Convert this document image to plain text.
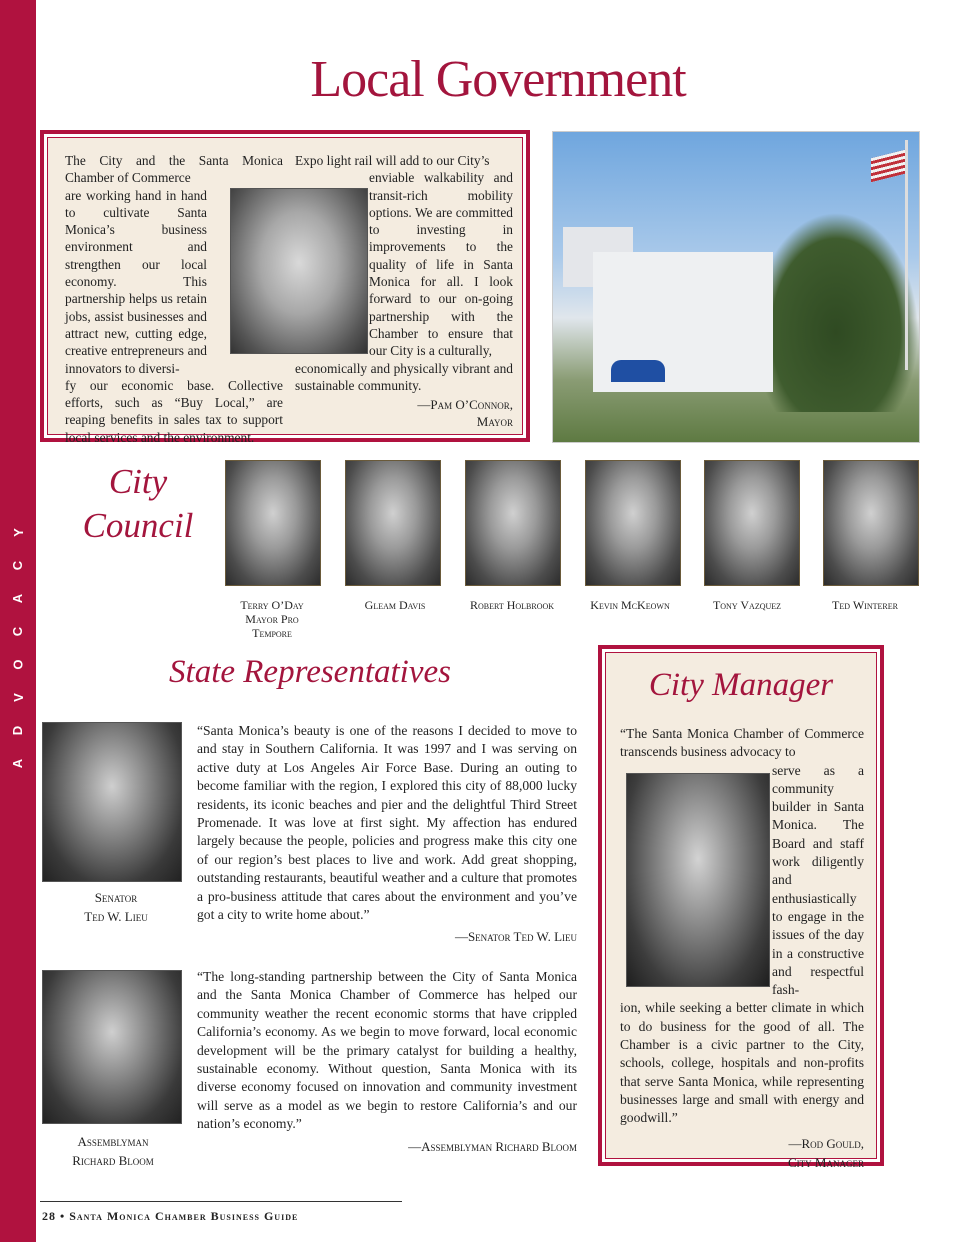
Y
C
A
C
O
V
D
A
Local Government
The City and the Santa Monica Chamber of Commerce
are working hand in hand to cultivate Santa Monica’s business environment and strengthen our local economy. This partnership helps us retain jobs, assist businesses and attract new, cutting edge, creative entrepreneurs and innovators to diversi-
fy our economic base. Collective efforts, such as “Buy Local,” are reaping benefits in sales tax to support local services and the environment.
Expo light rail will add to our City’s
enviable walkability and transit-rich mobility options. We are committed to investing in improvements to the quality of life in Santa Monica for all. I look forward to our on-going partnership with the Chamber to ensure that our City is a culturally,
economically and physically vibrant and sustainable community.
—Pam O’Connor,
Mayor
City
Council
Terry O’Day
Mayor Pro
Tempore
Gleam Davis	Robert Holbrook	Kevin McKeown	Tony Vazquez	Ted Winterer
State Representatives
Senator
Ted W. Lieu
“Santa Monica’s beauty is one of the reasons I decided to move to and stay in Southern California. It was 1997 and I was serving on active duty at Los Angeles Air Force Base. During an outing to become familiar with the region, I explored this city of 88,000 lucky residents, its iconic beaches and pier and the delightful Third Street Promenade. It was love at first sight. My affection has endured largely because the people, policies and progress make this city one of our region’s best places to live and work. Add great shopping, outstanding restaurants, beautiful weather and a culture that promotes a pro-business attitude that cares about the environment and you’ve got a city to write home about.”
—Senator Ted W. Lieu
Assemblyman
Richard Bloom
“The long-standing partnership between the City of Santa Monica and the Santa Monica Chamber of Commerce has helped our community weather the recent economic storms that have crippled California’s economy. As we begin to move forward, local economic development will be the primary catalyst for building a healthy, sustainable economy. Without question, Santa Monica with its diverse economy focused on innovation and community investment will serve as a model as we begin to restore California’s and our nation’s economy.”
—Assemblyman Richard Bloom
City Manager
“The Santa Monica Chamber of Commerce transcends business advocacy to
serve as a community builder in Santa Monica. The Board and staff work diligently and enthusiastically to engage in the issues of the day in a constructive and respectful fash-
ion, while seeking a better climate in which to do business for the good of all. The Chamber is a civic partner to the City, schools, college, hospitals and non-profits that serve Santa Monica, while representing businesses large and small with energy and goodwill.”
—Rod Gould,
City Manager
28 • Santa Monica Chamber Business Guide
